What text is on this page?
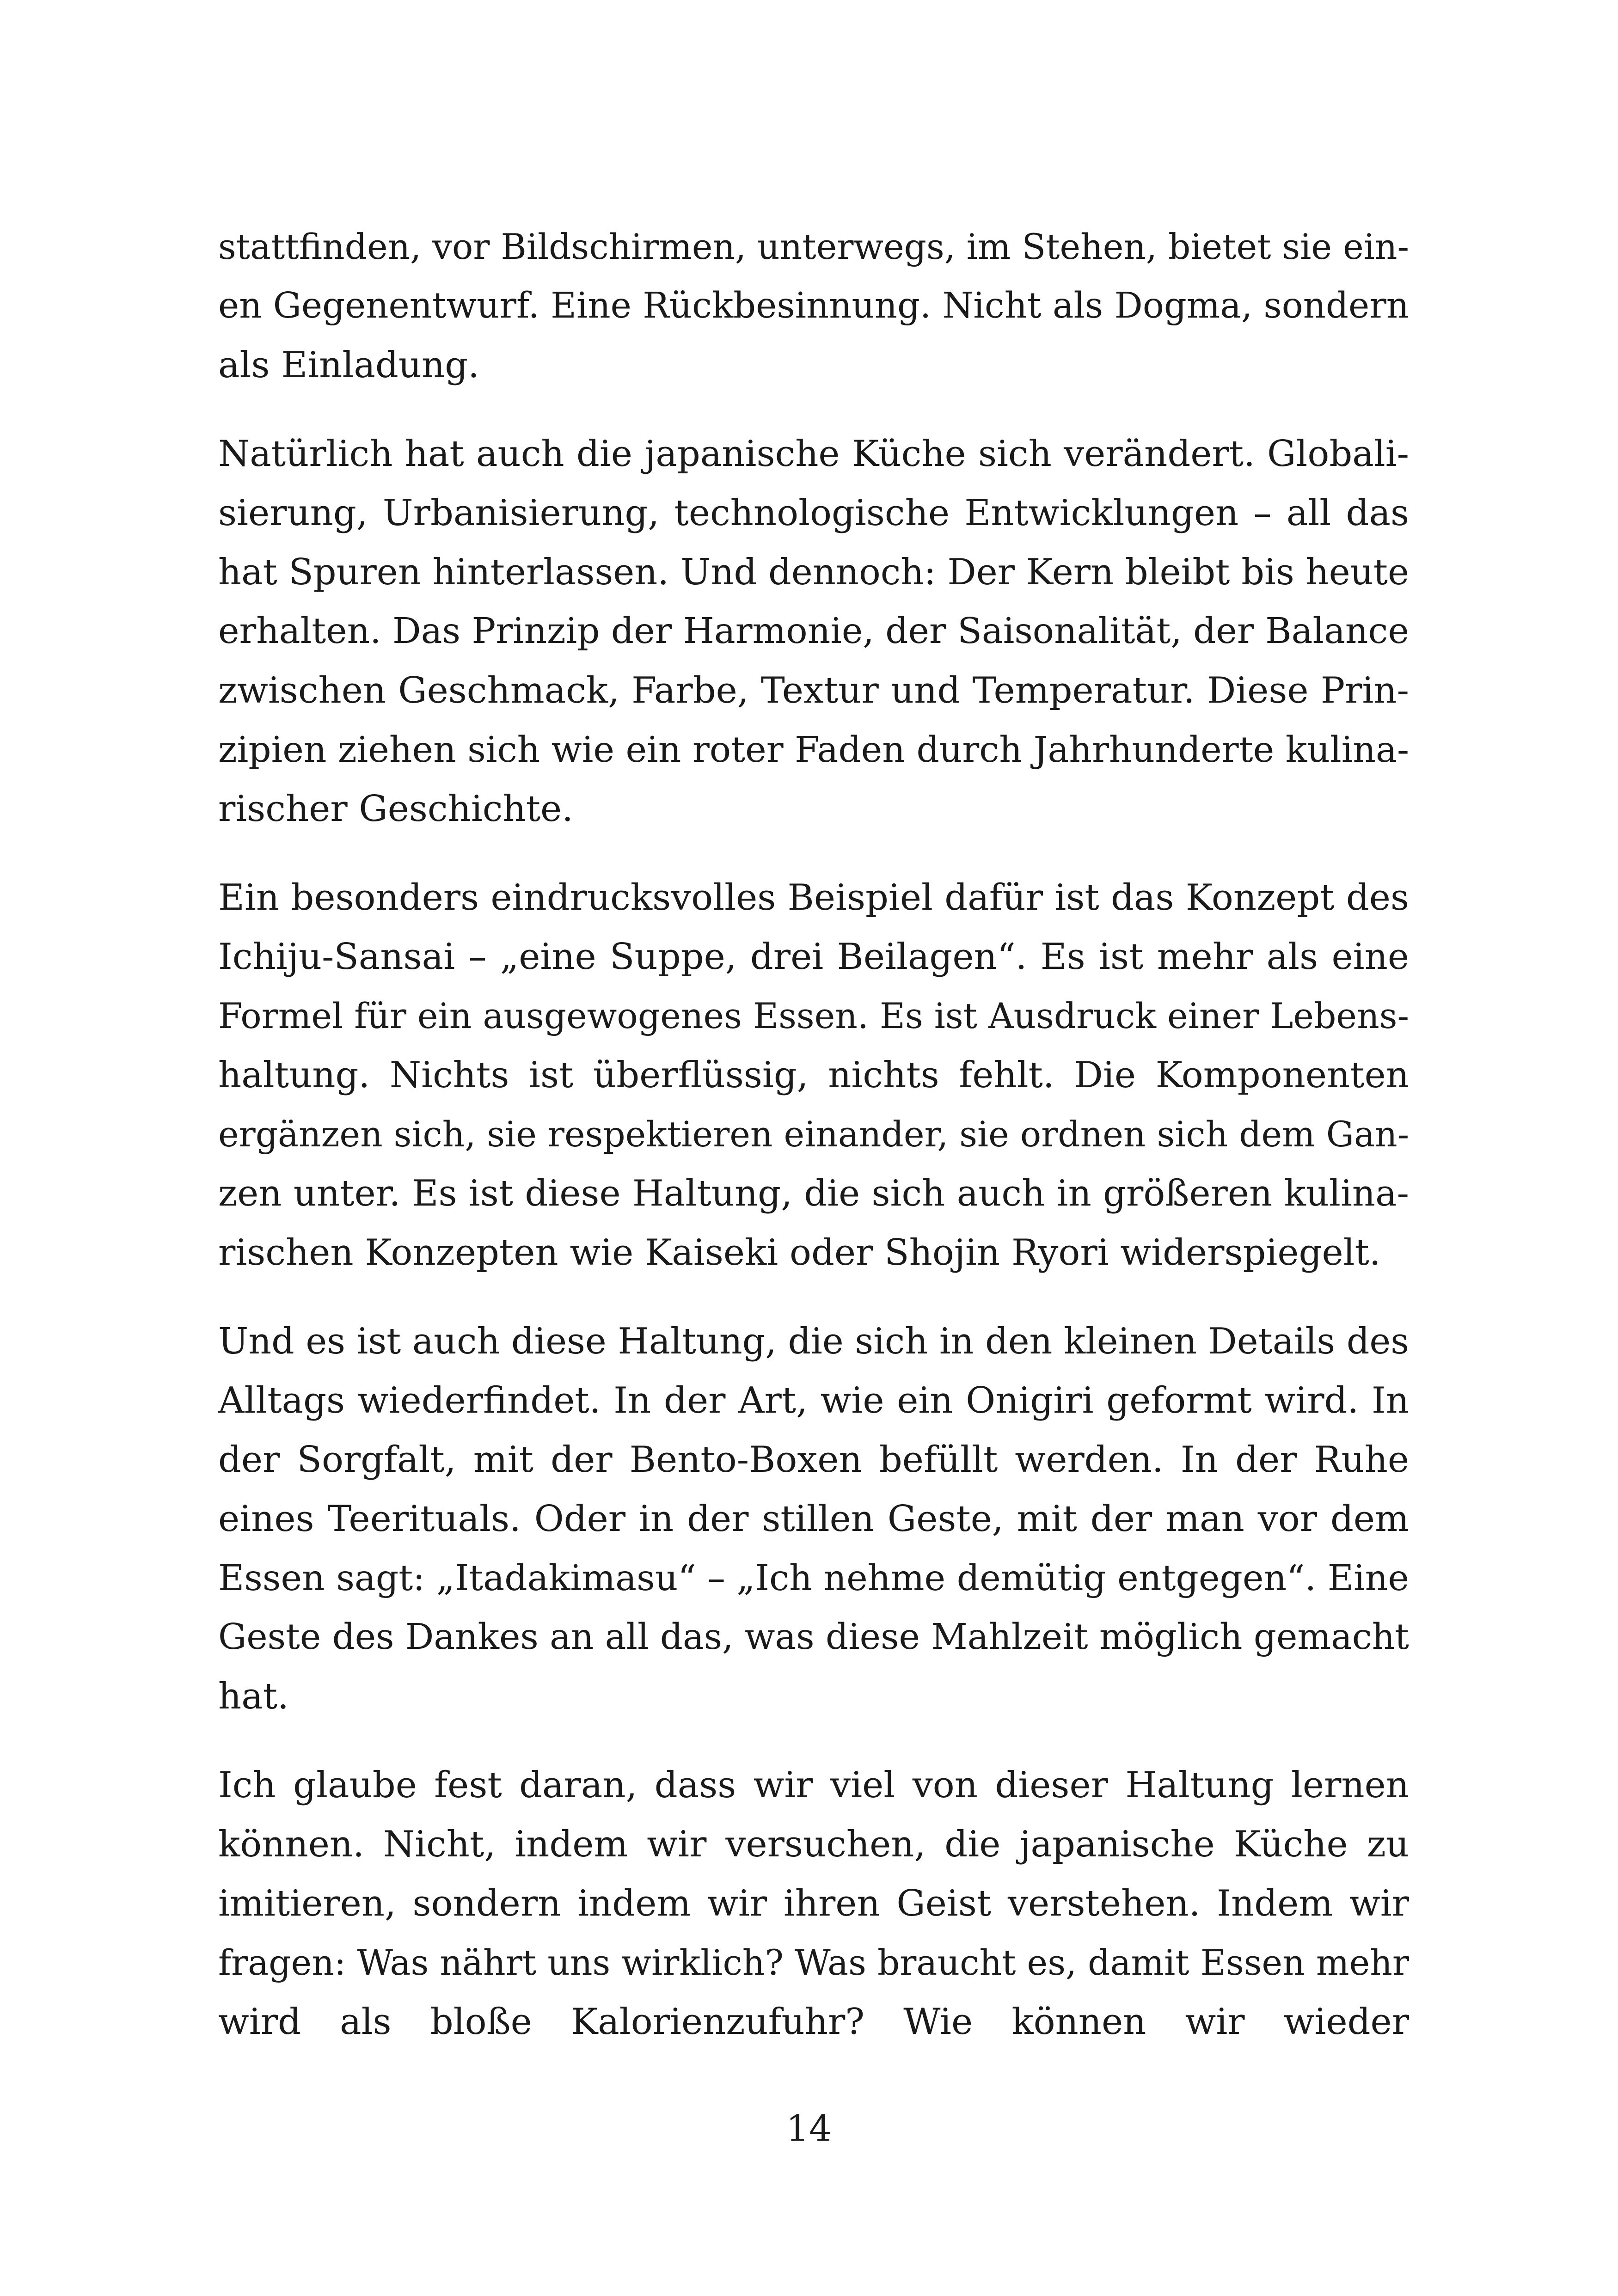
stattfinden, vor Bildschirmen, unterwegs, im Stehen, bietet sie ein-
en Gegenentwurf. Eine Rückbesinnung. Nicht als Dogma, sondern
als Einladung.
Natürlich hat auch die japanische Küche sich verändert. Globali-
sierung, Urbanisierung, technologische Entwicklungen – all das
hat Spuren hinterlassen. Und dennoch: Der Kern bleibt bis heute
erhalten. Das Prinzip der Harmonie, der Saisonalität, der Balance
zwischen Geschmack, Farbe, Textur und Temperatur. Diese Prin-
zipien ziehen sich wie ein roter Faden durch Jahrhunderte kulina-
rischer Geschichte.
Ein besonders eindrucksvolles Beispiel dafür ist das Konzept des
Ichiju-Sansai – „eine Suppe, drei Beilagen“. Es ist mehr als eine
Formel für ein ausgewogenes Essen. Es ist Ausdruck einer Lebens-
haltung. Nichts ist überflüssig, nichts fehlt. Die Komponenten
ergänzen sich, sie respektieren einander, sie ordnen sich dem Gan-
zen unter. Es ist diese Haltung, die sich auch in größeren kulina-
rischen Konzepten wie Kaiseki oder Shojin Ryori widerspiegelt.
Und es ist auch diese Haltung, die sich in den kleinen Details des
Alltags wiederfindet. In der Art, wie ein Onigiri geformt wird. In
der Sorgfalt, mit der Bento-Boxen befüllt werden. In der Ruhe
eines Teerituals. Oder in der stillen Geste, mit der man vor dem
Essen sagt: „Itadakimasu“ – „Ich nehme demütig entgegen“. Eine
Geste des Dankes an all das, was diese Mahlzeit möglich gemacht
hat.
Ich glaube fest daran, dass wir viel von dieser Haltung lernen
können. Nicht, indem wir versuchen, die japanische Küche zu
imitieren, sondern indem wir ihren Geist verstehen. Indem wir
fragen: Was nährt uns wirklich? Was braucht es, damit Essen mehr
wird als bloße Kalorienzufuhr? Wie können wir wieder
14
